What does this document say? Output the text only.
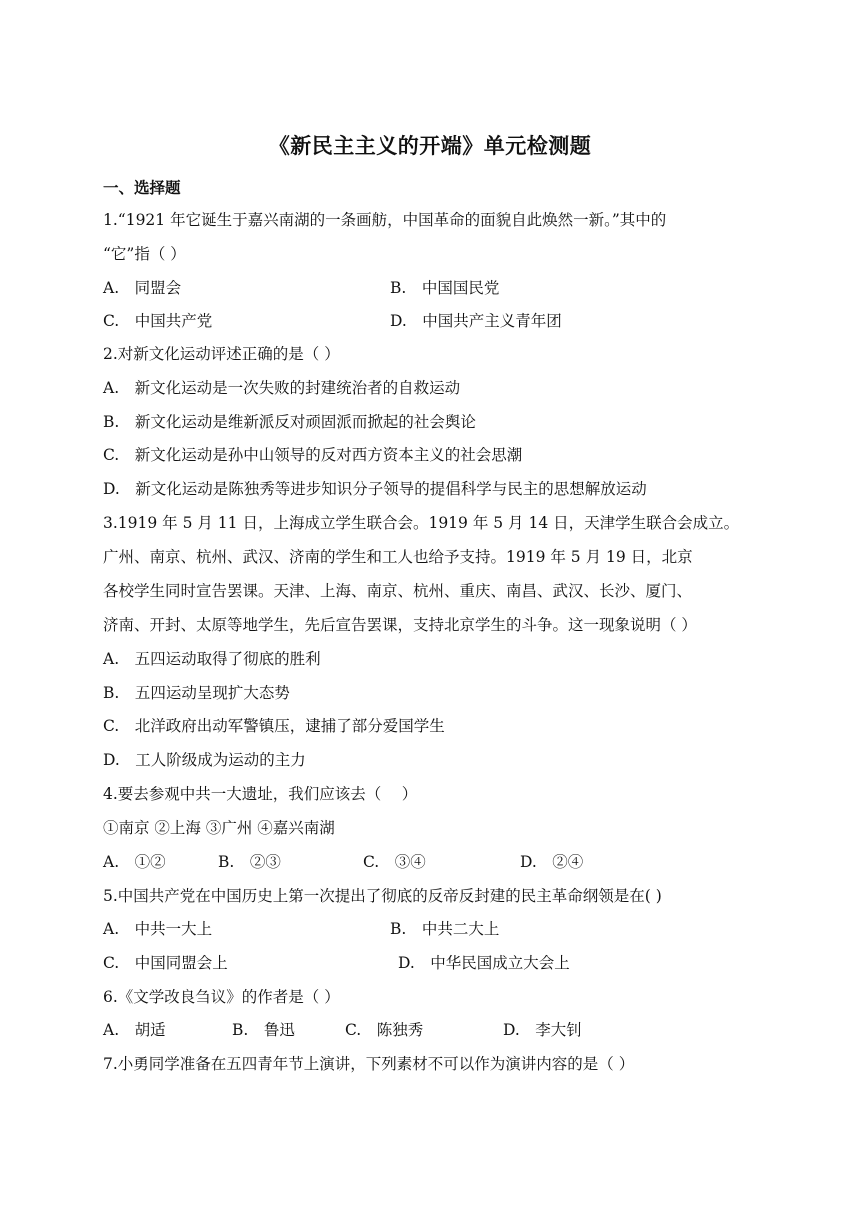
《新民主主义的开端》单元检测题
一、选择题
1.“1921 年它诞生于嘉兴南湖的一条画舫，中国革命的面貌自此焕然一新。”其中的
“它”指（ ）
A.　同盟会	B.　中国国民党
C.　中国共产党	D.　中国共产主义青年团
2.对新文化运动评述正确的是（ ）
A.　新文化运动是一次失败的封建统治者的自救运动
B.　新文化运动是维新派反对顽固派而掀起的社会舆论
C.　新文化运动是孙中山领导的反对西方资本主义的社会思潮
D.　新文化运动是陈独秀等进步知识分子领导的提倡科学与民主的思想解放运动
3.1919 年 5 月 11 日，上海成立学生联合会。1919 年 5 月 14 日，天津学生联合会成立。
广州、南京、杭州、武汉、济南的学生和工人也给予支持。1919 年 5 月 19 日，北京
各校学生同时宣告罢课。天津、上海、南京、杭州、重庆、南昌、武汉、长沙、厦门、
济南、开封、太原等地学生，先后宣告罢课，支持北京学生的斗争。这一现象说明（ ）
A.　五四运动取得了彻底的胜利
B.　五四运动呈现扩大态势
C.　北洋政府出动军警镇压，逮捕了部分爱国学生
D.　工人阶级成为运动的主力
4.要去参观中共一大遗址，我们应该去（　 ）
①南京 ②上海 ③广州 ④嘉兴南湖
A.　①②	B.　②③	C.　③④	D.　②④
5.中国共产党在中国历史上第一次提出了彻底的反帝反封建的民主革命纲领是在( )
A.　中共一大上	B.　中共二大上
C.　中国同盟会上	D.　中华民国成立大会上
6.《文学改良刍议》的作者是（ ）
A.　胡适	B.　鲁迅	C.　陈独秀	D.　李大钊
7.小勇同学准备在五四青年节上演讲，下列素材不可以作为演讲内容的是（ ）
